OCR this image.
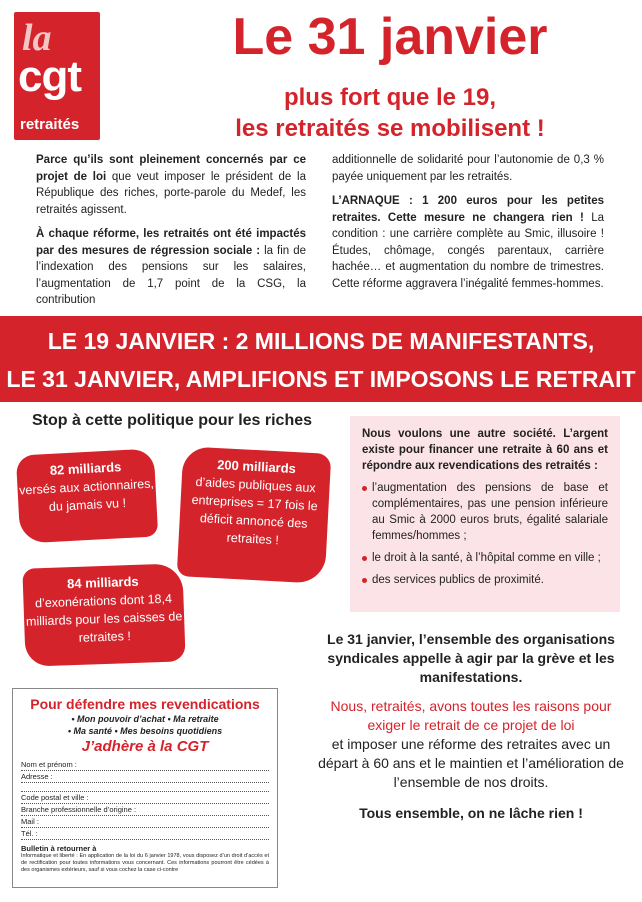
la
cgt
retraités
Le 31 janvier
plus fort que le 19,
les retraités se mobilisent !

Parce qu’ils sont pleinement concernés par ce projet de loi que veut imposer le président de la République des riches, porte-parole du Medef, les retraités agissent.

À chaque réforme, les retraités ont été impactés par des mesures de régression sociale : la fin de l’indexation des pensions sur les salaires, l’augmentation de 1,7 point de la CSG, la contribution

additionnelle de solidarité pour l’autonomie de 0,3 % payée uniquement par les retraités.

L’ARNAQUE : 1 200 euros pour les petites retraites. Cette mesure ne changera rien ! La condition : une carrière complète au Smic, illusoire ! Études, chômage, congés parentaux, carrière hachée… et augmentation du nombre de trimestres. Cette réforme aggravera l’inégalité femmes-hommes.

LE 19 JANVIER : 2 MILLIONS DE MANIFESTANTS,
LE 31 JANVIER, AMPLIFIONS ET IMPOSONS LE RETRAIT !
Stop à cette politique pour les riches
82 milliards
versés aux actionnaires, du jamais vu !
200 milliards
d’aides publiques aux entreprises = 17 fois le déficit annoncé des retraites !
84 milliards
d’exonérations dont 18,4 milliards pour les caisses de retraites !
Nous voulons une autre société. L’argent existe pour financer une retraite à 60 ans et répondre aux revendications des retraités :
l’augmentation des pensions de base et complémentaires, pas une pension inférieure au Smic à 2000 euros bruts, égalité salariale femmes/hommes ;
le droit à la santé, à l’hôpital comme en ville ;
des services publics de proximité.
Le 31 janvier, l’ensemble des organisations syndicales appelle à agir par la grève et les manifestations.
Nous, retraités, avons toutes les raisons pour exiger le retrait de ce projet de loi
et imposer une réforme des retraites avec un départ à 60 ans et le maintien et l’amélioration de l’ensemble de nos droits.
Tous ensemble, on ne lâche rien !
Pour défendre mes revendications
• Mon pouvoir d’achat • Ma retraite
• Ma santé • Mes besoins quotidiens
J’adhère à la CGT
Nom et prénom :
Adresse :
Code postal et ville :
Branche professionnelle d’origine :
Mail :
Tél. :
Bulletin à retourner à
Informatique et liberté : En application de la loi du 6 janvier 1978, vous disposez d’un droit d’accès et de rectification pour toutes informations vous concernant. Ces informations pourront être cédées à des organismes extérieurs, sauf si vous cochez la case ci-contre
